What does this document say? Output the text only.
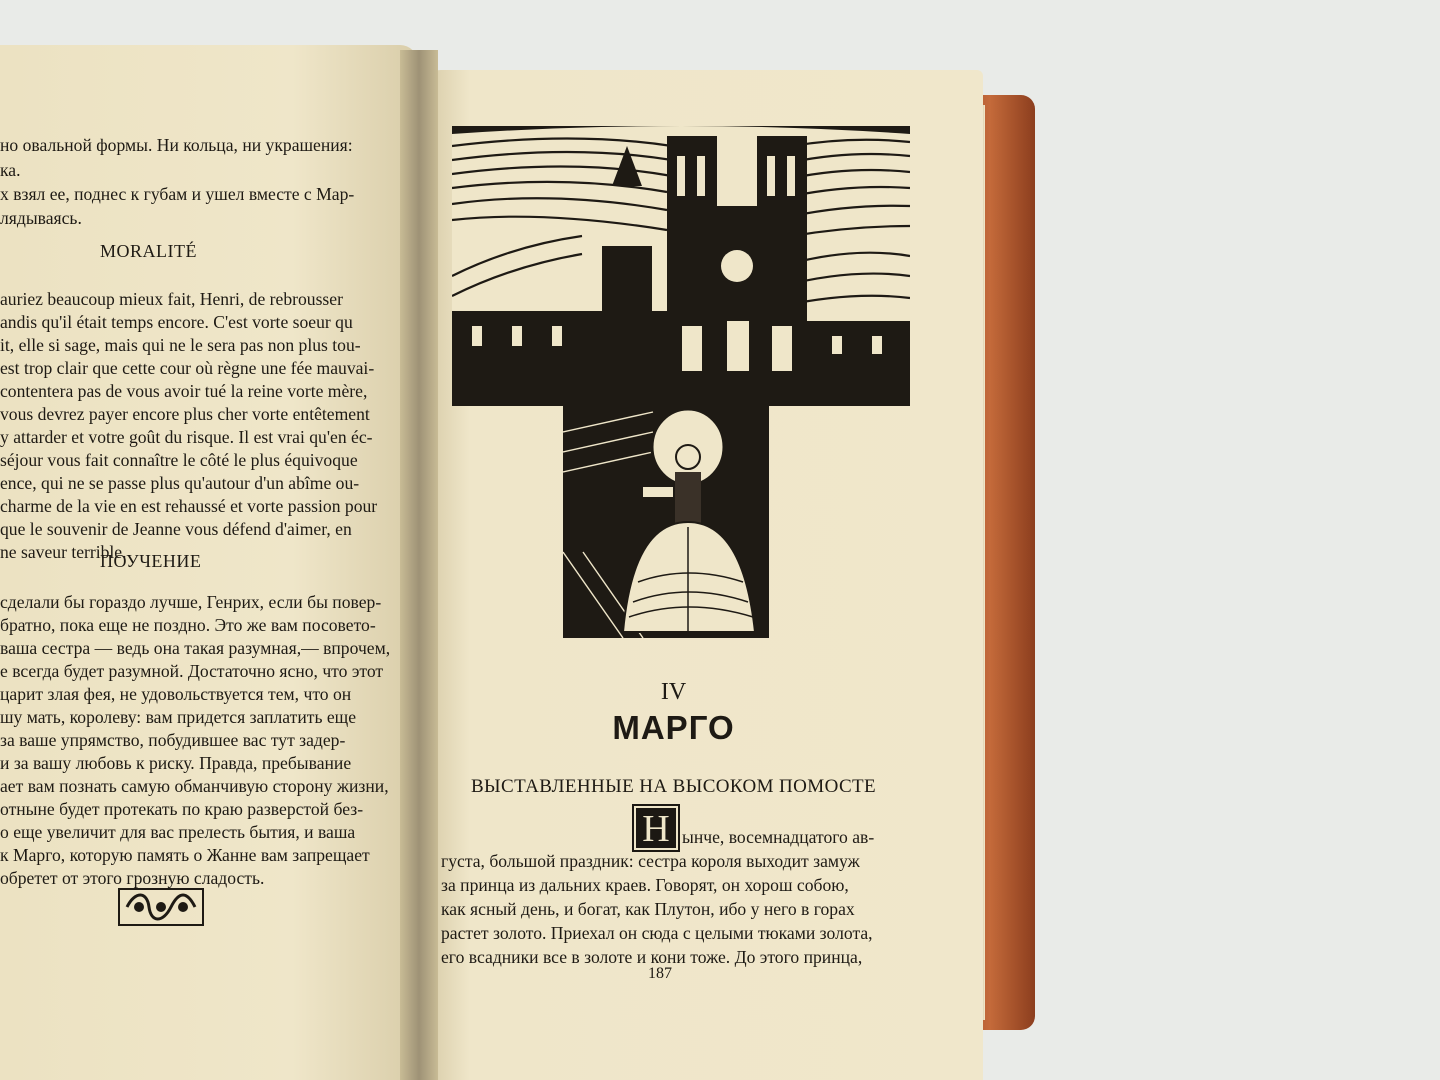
но овальной формы. Ни кольца, ни украшения:
ка.
х взял ее, поднес к губам и ушел вместе с Мар-
лядываясь.
MORALITÉ
auriez beaucoup mieux fait, Henri, de rebrousser
andis qu'il était temps encore. C'est vorte soeur qu
it, elle si sage, mais qui ne le sera pas non plus tou-
est trop clair que cette cour où règne une fée mauvai-
contentera pas de vous avoir tué la reine vorte mère,
vous devrez payer encore plus cher vorte entêtement
y attarder et votre goût du risque. Il est vrai qu'en éc-
séjour vous fait connaître le côté le plus équivoque
ence, qui ne se passe plus qu'autour d'un abîme ou-
charme de la vie en est rehaussé et vorte passion pour
que le souvenir de Jeanne vous défend d'aimer, en
ne saveur terrible.
ПОУЧЕНИЕ
сделали бы гораздо лучше, Генрих, если бы повер-
братно, пока еще не поздно. Это же вам посовето-
ваша сестра — ведь она такая разумная,— впрочем,
е всегда будет разумной. Достаточно ясно, что этот
царит злая фея, не удовольствуется тем, что он
шу мать, королеву: вам придется заплатить еще
за ваше упрямство, побудившее вас тут задер-
и за вашу любовь к риску. Правда, пребывание
ает вам познать самую обманчивую сторону жизни,
отныне будет протекать по краю разверстой без-
о еще увеличит для вас прелесть бытия, и ваша
к Марго, которую память о Жанне вам запрещает
обретет от этого грозную сладость.
IV
МАРГО
ВЫСТАВЛЕННЫЕ НА ВЫСОКОМ ПОМОСТЕ
Н ынче, восемнадцатого ав-
густа, большой праздник: сестра короля выходит замуж
за принца из дальних краев. Говорят, он хорош собою,
как ясный день, и богат, как Плутон, ибо у него в горах
растет золото. Приехал он сюда с целыми тюками золота,
его всадники все в золоте и кони тоже. До этого принца,
187
